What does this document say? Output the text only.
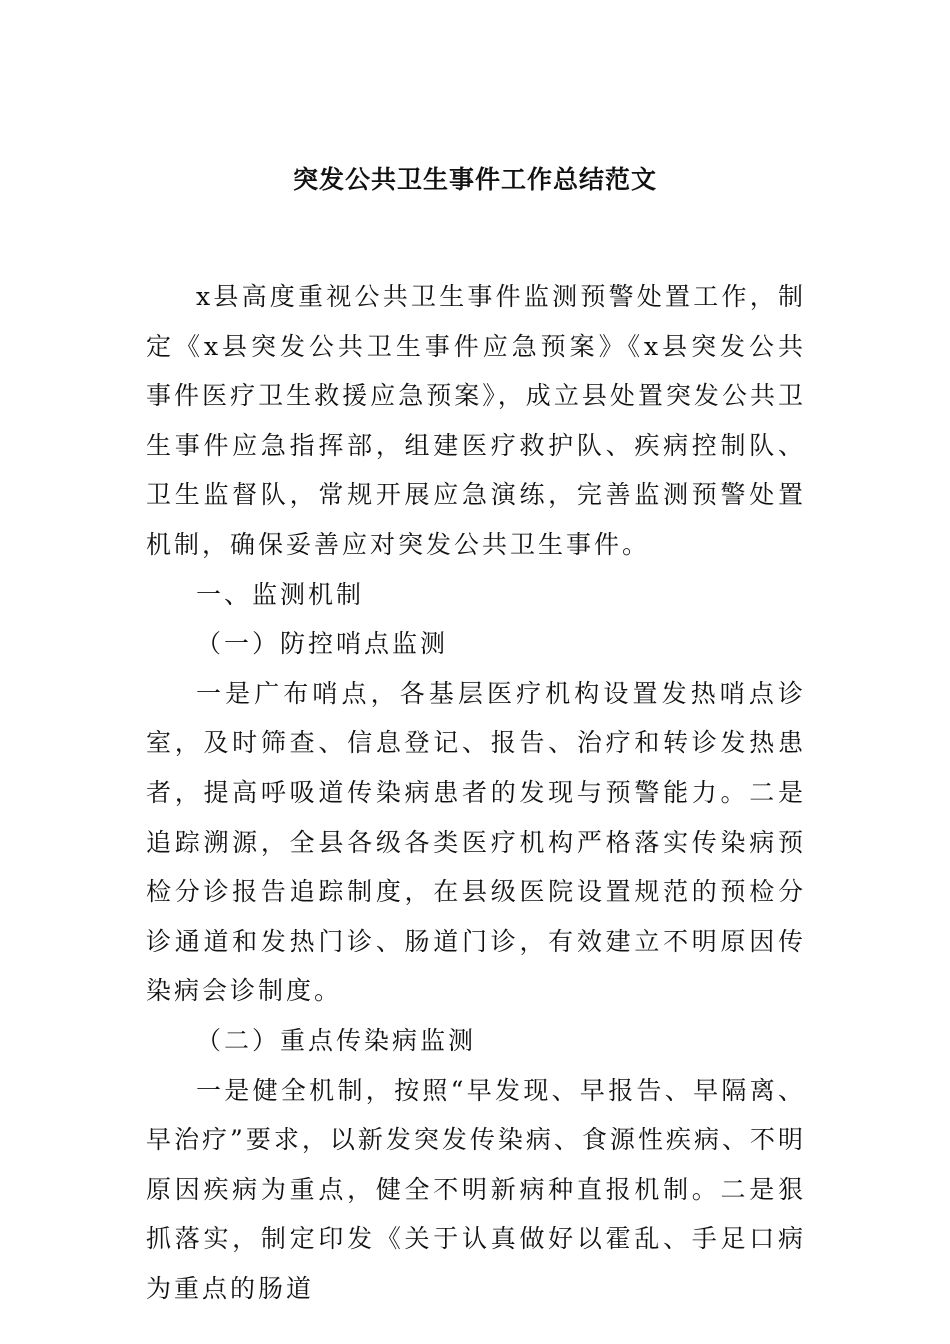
突发公共卫生事件工作总结范文

x县高度重视公共卫生事件监测预警处置工作，制定《x县突发公共卫生事件应急预案》《x县突发公共事件医疗卫生救援应急预案》，成立县处置突发公共卫生事件应急指挥部，组建医疗救护队、疾病控制队、卫生监督队，常规开展应急演练，完善监测预警处置机制，确保妥善应对突发公共卫生事件。

一、监测机制

（一）防控哨点监测

一是广布哨点，各基层医疗机构设置发热哨点诊室，及时筛查、信息登记、报告、治疗和转诊发热患者，提高呼吸道传染病患者的发现与预警能力。二是追踪溯源，全县各级各类医疗机构严格落实传染病预检分诊报告追踪制度，在县级医院设置规范的预检分诊通道和发热门诊、肠道门诊，有效建立不明原因传染病会诊制度。

（二）重点传染病监测

一是健全机制，按照“早发现、早报告、早隔离、早治疗”要求，以新发突发传染病、食源性疾病、不明原因疾病为重点，健全不明新病种直报机制。二是狠抓落实，制定印发《关于认真做好以霍乱、手足口病为重点的肠道
